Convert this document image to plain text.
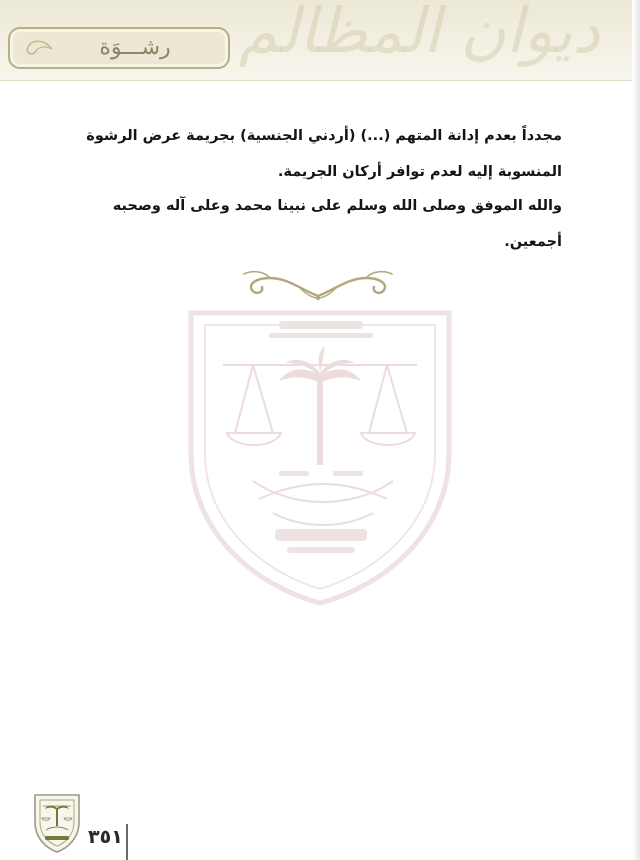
ديوان المظالم
رشـــوَة

مجدداً بعدم إدانة المتهم (...) (أردني الجنسية) بجريمة عرض الرشوة المنسوبة إليه لعدم توافر أركان الجريمة.

والله الموفق وصلى الله وسلم على نبينا محمد وعلى آله وصحبه أجمعين.

٣٥١
